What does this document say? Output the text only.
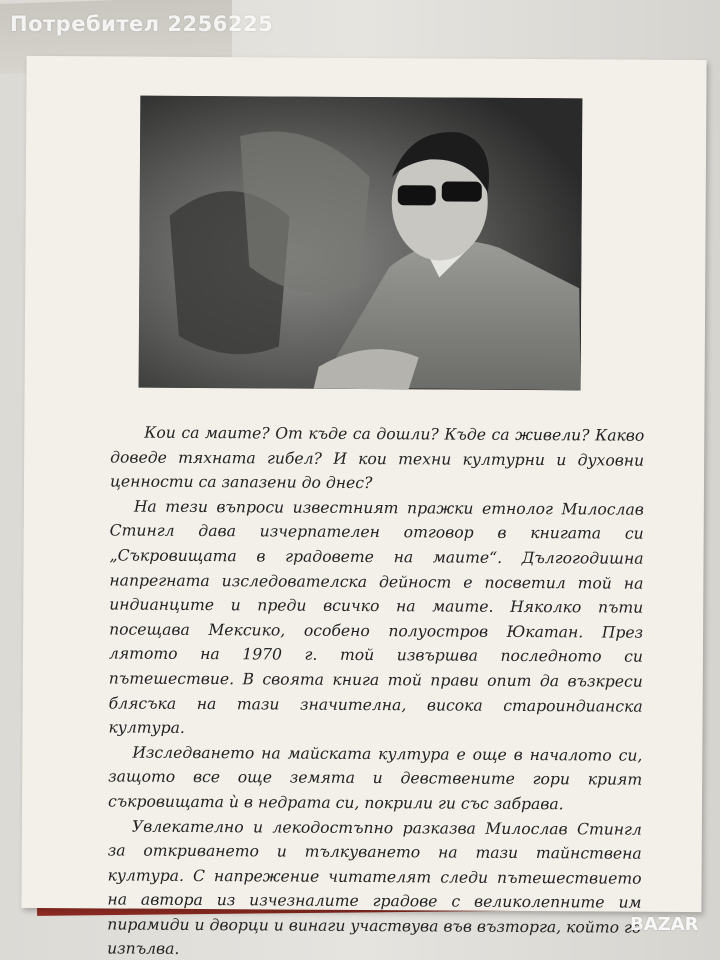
Кои са маите? От къде са дошли? Къде са живели? Какво доведе тяхната гибел? И кои техни културни и духовни ценности са запазени до днес?

На тези въпроси известният пражки етнолог Милослав Стингл дава изчерпателен отговор в книгата си „Съкровищата в градовете на маите“. Дългогодишна напрегната изследователска дейност е посветил той на индианците и преди всичко на маите. Няколко пъти посещава Мексико, особено полуостров Юкатан. През лятото на 1970 г. той извършва последното си пътешествие. В своята книга той прави опит да възкреси блясъка на тази значителна, висока староиндианска култура.

Изследването на майската култура е още в началото си, защото все още земята и девствените гори крият съкровищата ѝ в недрата си, покрили ги със забрава.

Увлекателно и лекодостъпно разказва Милослав Стингл за откриването и тълкуването на тази тайнствена култура. С напрежение читателят следи пътешествието на автора из изчезналите градове с великолепните им пирамиди и дворци и винаги участвува във възторга, който го изпълва.

Потребител 2256225
BAZAR
